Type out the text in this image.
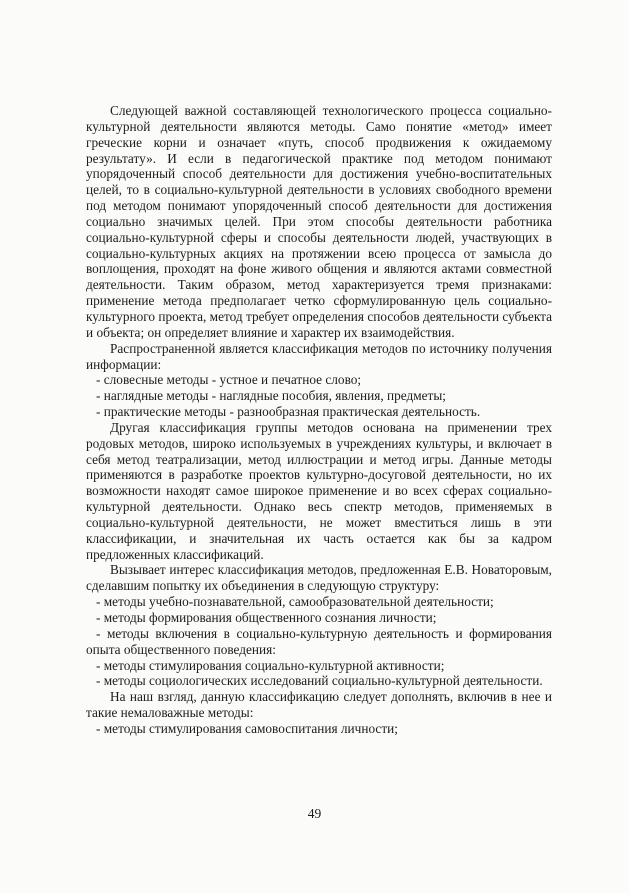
Следующей важной составляющей технологического процесса социально-культурной деятельности являются методы. Само понятие «метод» имеет греческие корни и означает «путь, способ продвижения к ожидаемому результату». И если в педагогической практике под методом понимают упорядоченный способ деятельности для достижения учебно-воспитательных целей, то в социально-культурной деятельности в условиях свободного времени под методом понимают упорядоченный способ деятельности для достижения социально значимых целей. При этом способы деятельности работника социально-культурной сферы и способы деятельности людей, участвующих в социально-культурных акциях на протяжении всею процесса от замысла до воплощения, проходят на фоне живого общения и являются актами совместной деятельности. Таким образом, метод характеризуется тремя признаками: применение метода предполагает четко сформулированную цель социально-культурного проекта, метод требует определения способов деятельности субъекта и объекта; он определяет влияние и характер их взаимодействия.

Распространенной является классификация методов по источнику получения информации:

- словесные методы - устное и печатное слово;

- наглядные методы - наглядные пособия, явления, предметы;

- практические методы - разнообразная практическая деятельность.

Другая классификация группы методов основана на применении трех родовых методов, широко используемых в учреждениях культуры, и включает в себя метод театрализации, метод иллюстрации и метод игры. Данные методы применяются в разработке проектов культурно-досуговой деятельности, но их возможности находят самое широкое применение и во всех сферах социально-культурной деятельности. Однако весь спектр методов, применяемых в социально-культурной деятельности, не может вместиться лишь в эти классификации, и значительная их часть остается как бы за кадром предложенных классификаций.

Вызывает интерес классификация методов, предложенная Е.В. Новаторовым, сделавшим попытку их объединения в следующую структуру:

- методы учебно-познавательной, самообразовательной деятельности;

- методы формирования общественного сознания личности;

- методы включения в социально-культурную деятельность и формирования опыта общественного поведения:

- методы стимулирования социально-культурной активности;

- методы социологических исследований социально-культурной деятельности.

На наш взгляд, данную классификацию следует дополнять, включив в нее и такие немаловажные методы:

- методы стимулирования самовоспитания личности;

49
